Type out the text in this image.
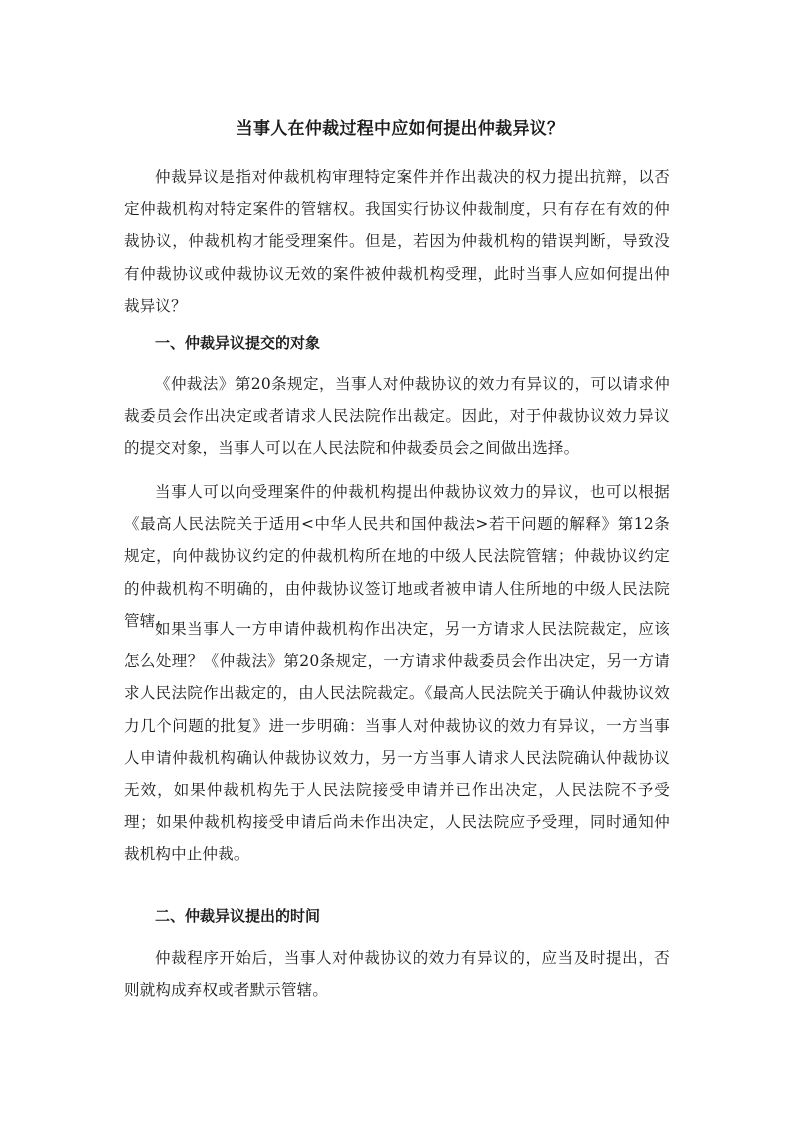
当事人在仲裁过程中应如何提出仲裁异议？

仲裁异议是指对仲裁机构审理特定案件并作出裁决的权力提出抗辩，以否定仲裁机构对特定案件的管辖权。我国实行协议仲裁制度，只有存在有效的仲裁协议，仲裁机构才能受理案件。但是，若因为仲裁机构的错误判断，导致没有仲裁协议或仲裁协议无效的案件被仲裁机构受理，此时当事人应如何提出仲裁异议？

一、仲裁异议提交的对象

《仲裁法》第20条规定，当事人对仲裁协议的效力有异议的，可以请求仲裁委员会作出决定或者请求人民法院作出裁定。因此，对于仲裁协议效力异议的提交对象，当事人可以在人民法院和仲裁委员会之间做出选择。

当事人可以向受理案件的仲裁机构提出仲裁协议效力的异议，也可以根据《最高人民法院关于适用<中华人民共和国仲裁法>若干问题的解释》第12条规定，向仲裁协议约定的仲裁机构所在地的中级人民法院管辖；仲裁协议约定的仲裁机构不明确的，由仲裁协议签订地或者被申请人住所地的中级人民法院管辖。

如果当事人一方申请仲裁机构作出决定，另一方请求人民法院裁定，应该怎么处理？《仲裁法》第20条规定，一方请求仲裁委员会作出决定，另一方请求人民法院作出裁定的，由人民法院裁定。《最高人民法院关于确认仲裁协议效力几个问题的批复》进一步明确：当事人对仲裁协议的效力有异议，一方当事人申请仲裁机构确认仲裁协议效力，另一方当事人请求人民法院确认仲裁协议无效，如果仲裁机构先于人民法院接受申请并已作出决定，人民法院不予受理；如果仲裁机构接受申请后尚未作出决定，人民法院应予受理，同时通知仲裁机构中止仲裁。

二、仲裁异议提出的时间

仲裁程序开始后，当事人对仲裁协议的效力有异议的，应当及时提出，否则就构成弃权或者默示管辖。
